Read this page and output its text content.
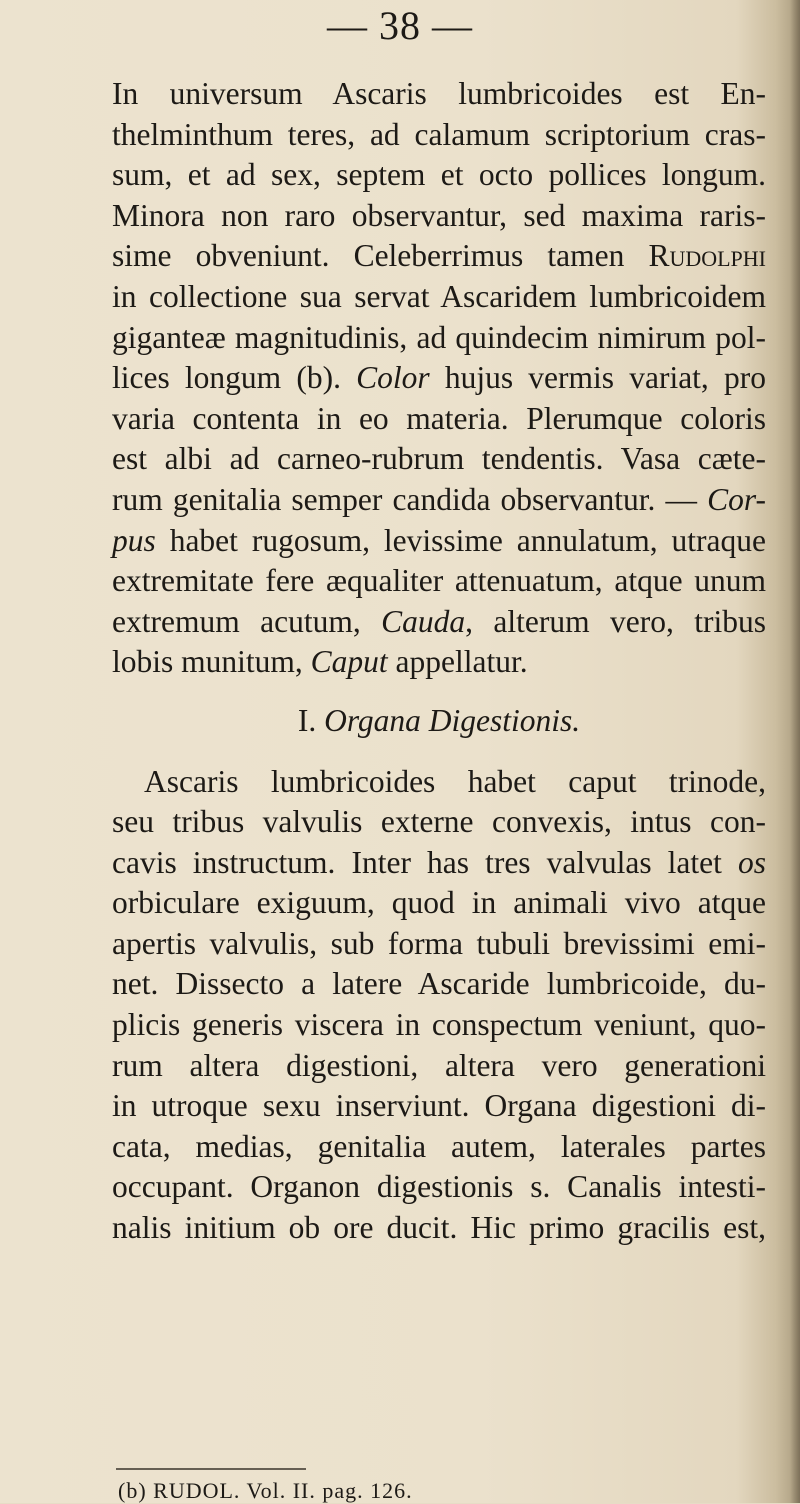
— 38 —
In universum Ascaris lumbricoides est En-
thelminthum teres, ad calamum scriptorium cras-
sum, et ad sex, septem et octo pollices longum.
Minora non raro observantur, sed maxima raris-
sime obveniunt. Celeberrimus tamen Rudolphi
in collectione sua servat Ascaridem lumbricoidem
giganteæ magnitudinis, ad quindecim nimirum pol-
lices longum (b). Color hujus vermis variat, pro
varia contenta in eo materia. Plerumque coloris
est albi ad carneo-rubrum tendentis. Vasa cæte-
rum genitalia semper candida observantur. — Cor-
pus habet rugosum, levissime annulatum, utraque
extremitate fere æqualiter attenuatum, atque unum
extremum acutum, Cauda, alterum vero, tribus
lobis munitum, Caput appellatur.
I. Organa Digestionis.
Ascaris lumbricoides habet caput trinode,
seu tribus valvulis externe convexis, intus con-
cavis instructum. Inter has tres valvulas latet os
orbiculare exiguum, quod in animali vivo atque
apertis valvulis, sub forma tubuli brevissimi emi-
net. Dissecto a latere Ascaride lumbricoide, du-
plicis generis viscera in conspectum veniunt, quo-
rum altera digestioni, altera vero generationi
in utroque sexu inserviunt. Organa digestioni di-
cata, medias, genitalia autem, laterales partes
occupant. Organon digestionis s. Canalis intesti-
nalis initium ob ore ducit. Hic primo gracilis est,
(b) RUDOL. Vol. II. pag. 126.
